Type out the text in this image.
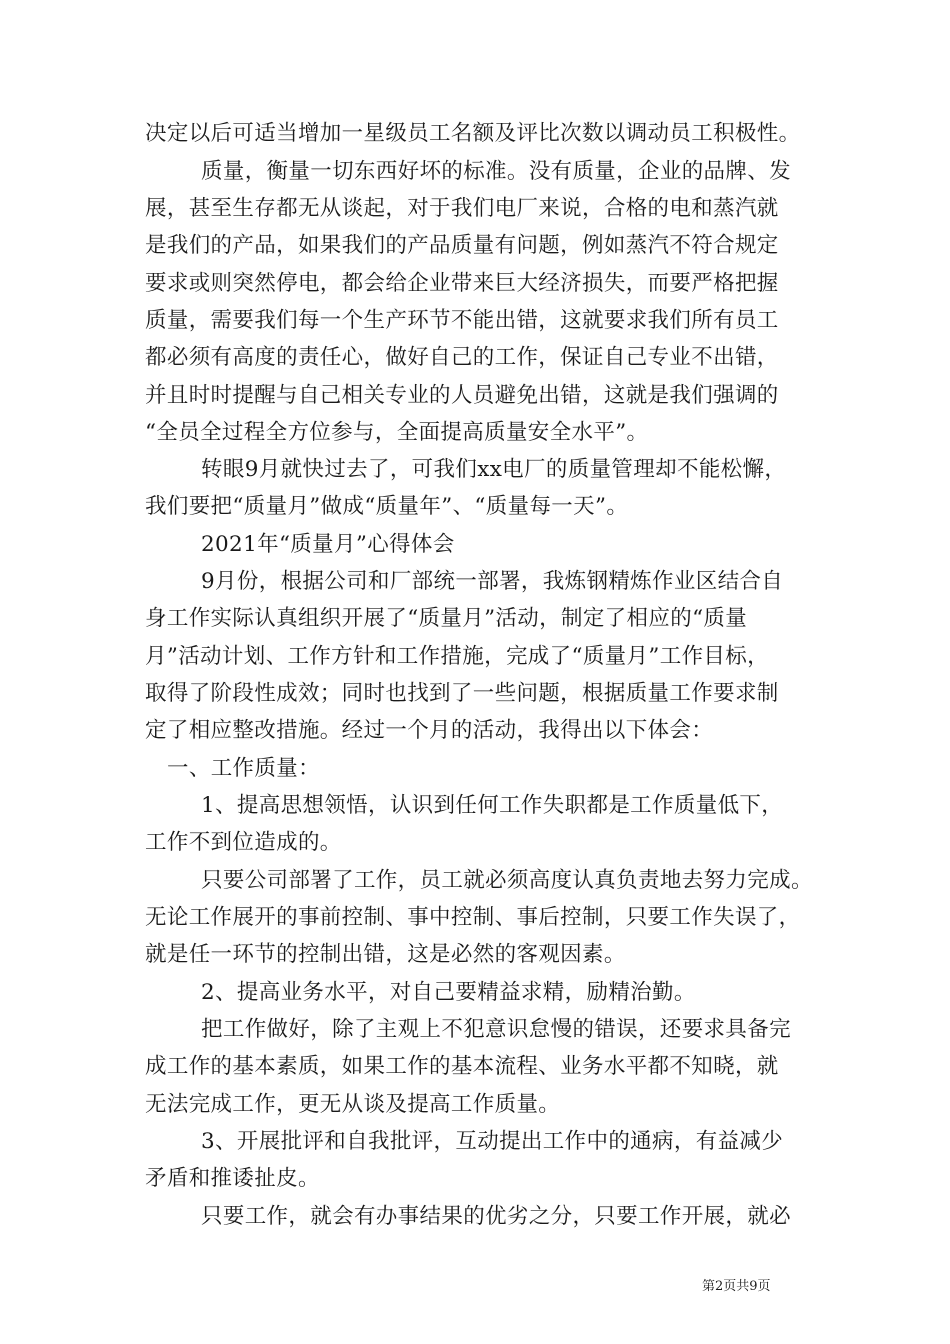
决定以后可适当增加一星级员工名额及评比次数以调动员工积极性。
质量，衡量一切东西好坏的标准。没有质量，企业的品牌、发
展，甚至生存都无从谈起，对于我们电厂来说，合格的电和蒸汽就
是我们的产品，如果我们的产品质量有问题，例如蒸汽不符合规定
要求或则突然停电，都会给企业带来巨大经济损失，而要严格把握
质量，需要我们每一个生产环节不能出错，这就要求我们所有员工
都必须有高度的责任心，做好自己的工作，保证自己专业不出错，
并且时时提醒与自己相关专业的人员避免出错，这就是我们强调的
“全员全过程全方位参与，全面提高质量安全水平”。
转眼9月就快过去了，可我们xx电厂的质量管理却不能松懈，
我们要把“质量月”做成“质量年”、“质量每一天”。
2021年“质量月”心得体会
9月份，根据公司和厂部统一部署，我炼钢精炼作业区结合自
身工作实际认真组织开展了“质量月”活动，制定了相应的“质量
月”活动计划、工作方针和工作措施，完成了“质量月”工作目标，
取得了阶段性成效；同时也找到了一些问题，根据质量工作要求制
定了相应整改措施。经过一个月的活动，我得出以下体会：
一、工作质量：
1、提高思想领悟，认识到任何工作失职都是工作质量低下，
工作不到位造成的。
只要公司部署了工作，员工就必须高度认真负责地去努力完成。
无论工作展开的事前控制、事中控制、事后控制，只要工作失误了，
就是任一环节的控制出错，这是必然的客观因素。
2、提高业务水平，对自己要精益求精，励精治勤。
把工作做好，除了主观上不犯意识怠慢的错误，还要求具备完
成工作的基本素质，如果工作的基本流程、业务水平都不知晓，就
无法完成工作，更无从谈及提高工作质量。
3、开展批评和自我批评，互动提出工作中的通病，有益减少
矛盾和推诿扯皮。
只要工作，就会有办事结果的优劣之分，只要工作开展，就必
第2页共9页
